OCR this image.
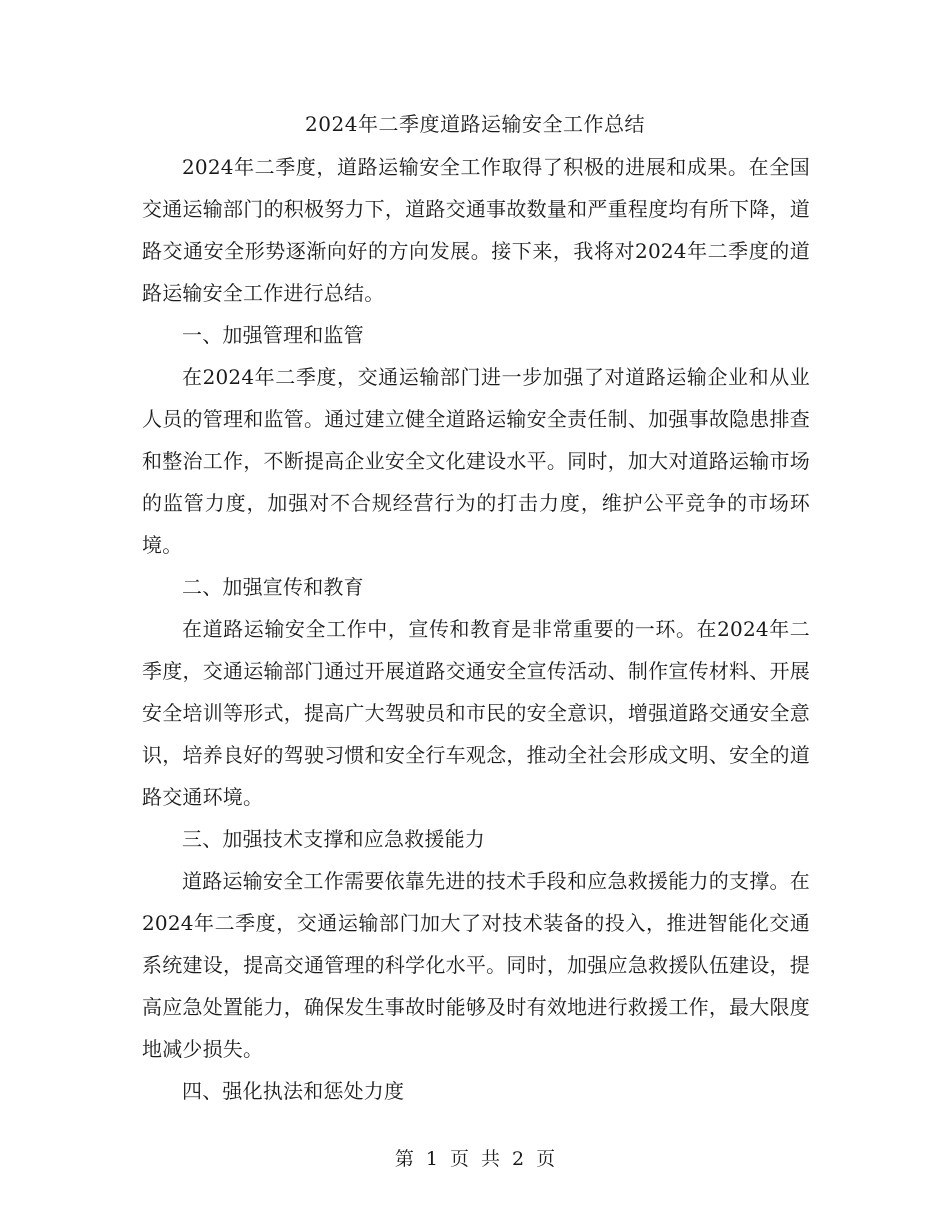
2024年二季度道路运输安全工作总结

2024年二季度，道路运输安全工作取得了积极的进展和成果。在全国交通运输部门的积极努力下，道路交通事故数量和严重程度均有所下降，道路交通安全形势逐渐向好的方向发展。接下来，我将对2024年二季度的道路运输安全工作进行总结。

一、加强管理和监管

在2024年二季度，交通运输部门进一步加强了对道路运输企业和从业人员的管理和监管。通过建立健全道路运输安全责任制、加强事故隐患排查和整治工作，不断提高企业安全文化建设水平。同时，加大对道路运输市场的监管力度，加强对不合规经营行为的打击力度，维护公平竞争的市场环境。

二、加强宣传和教育

在道路运输安全工作中，宣传和教育是非常重要的一环。在2024年二季度，交通运输部门通过开展道路交通安全宣传活动、制作宣传材料、开展安全培训等形式，提高广大驾驶员和市民的安全意识，增强道路交通安全意识，培养良好的驾驶习惯和安全行车观念，推动全社会形成文明、安全的道路交通环境。

三、加强技术支撑和应急救援能力

道路运输安全工作需要依靠先进的技术手段和应急救援能力的支撑。在2024年二季度，交通运输部门加大了对技术装备的投入，推进智能化交通系统建设，提高交通管理的科学化水平。同时，加强应急救援队伍建设，提高应急处置能力，确保发生事故时能够及时有效地进行救援工作，最大限度地减少损失。

四、强化执法和惩处力度

第 1 页 共 2 页
